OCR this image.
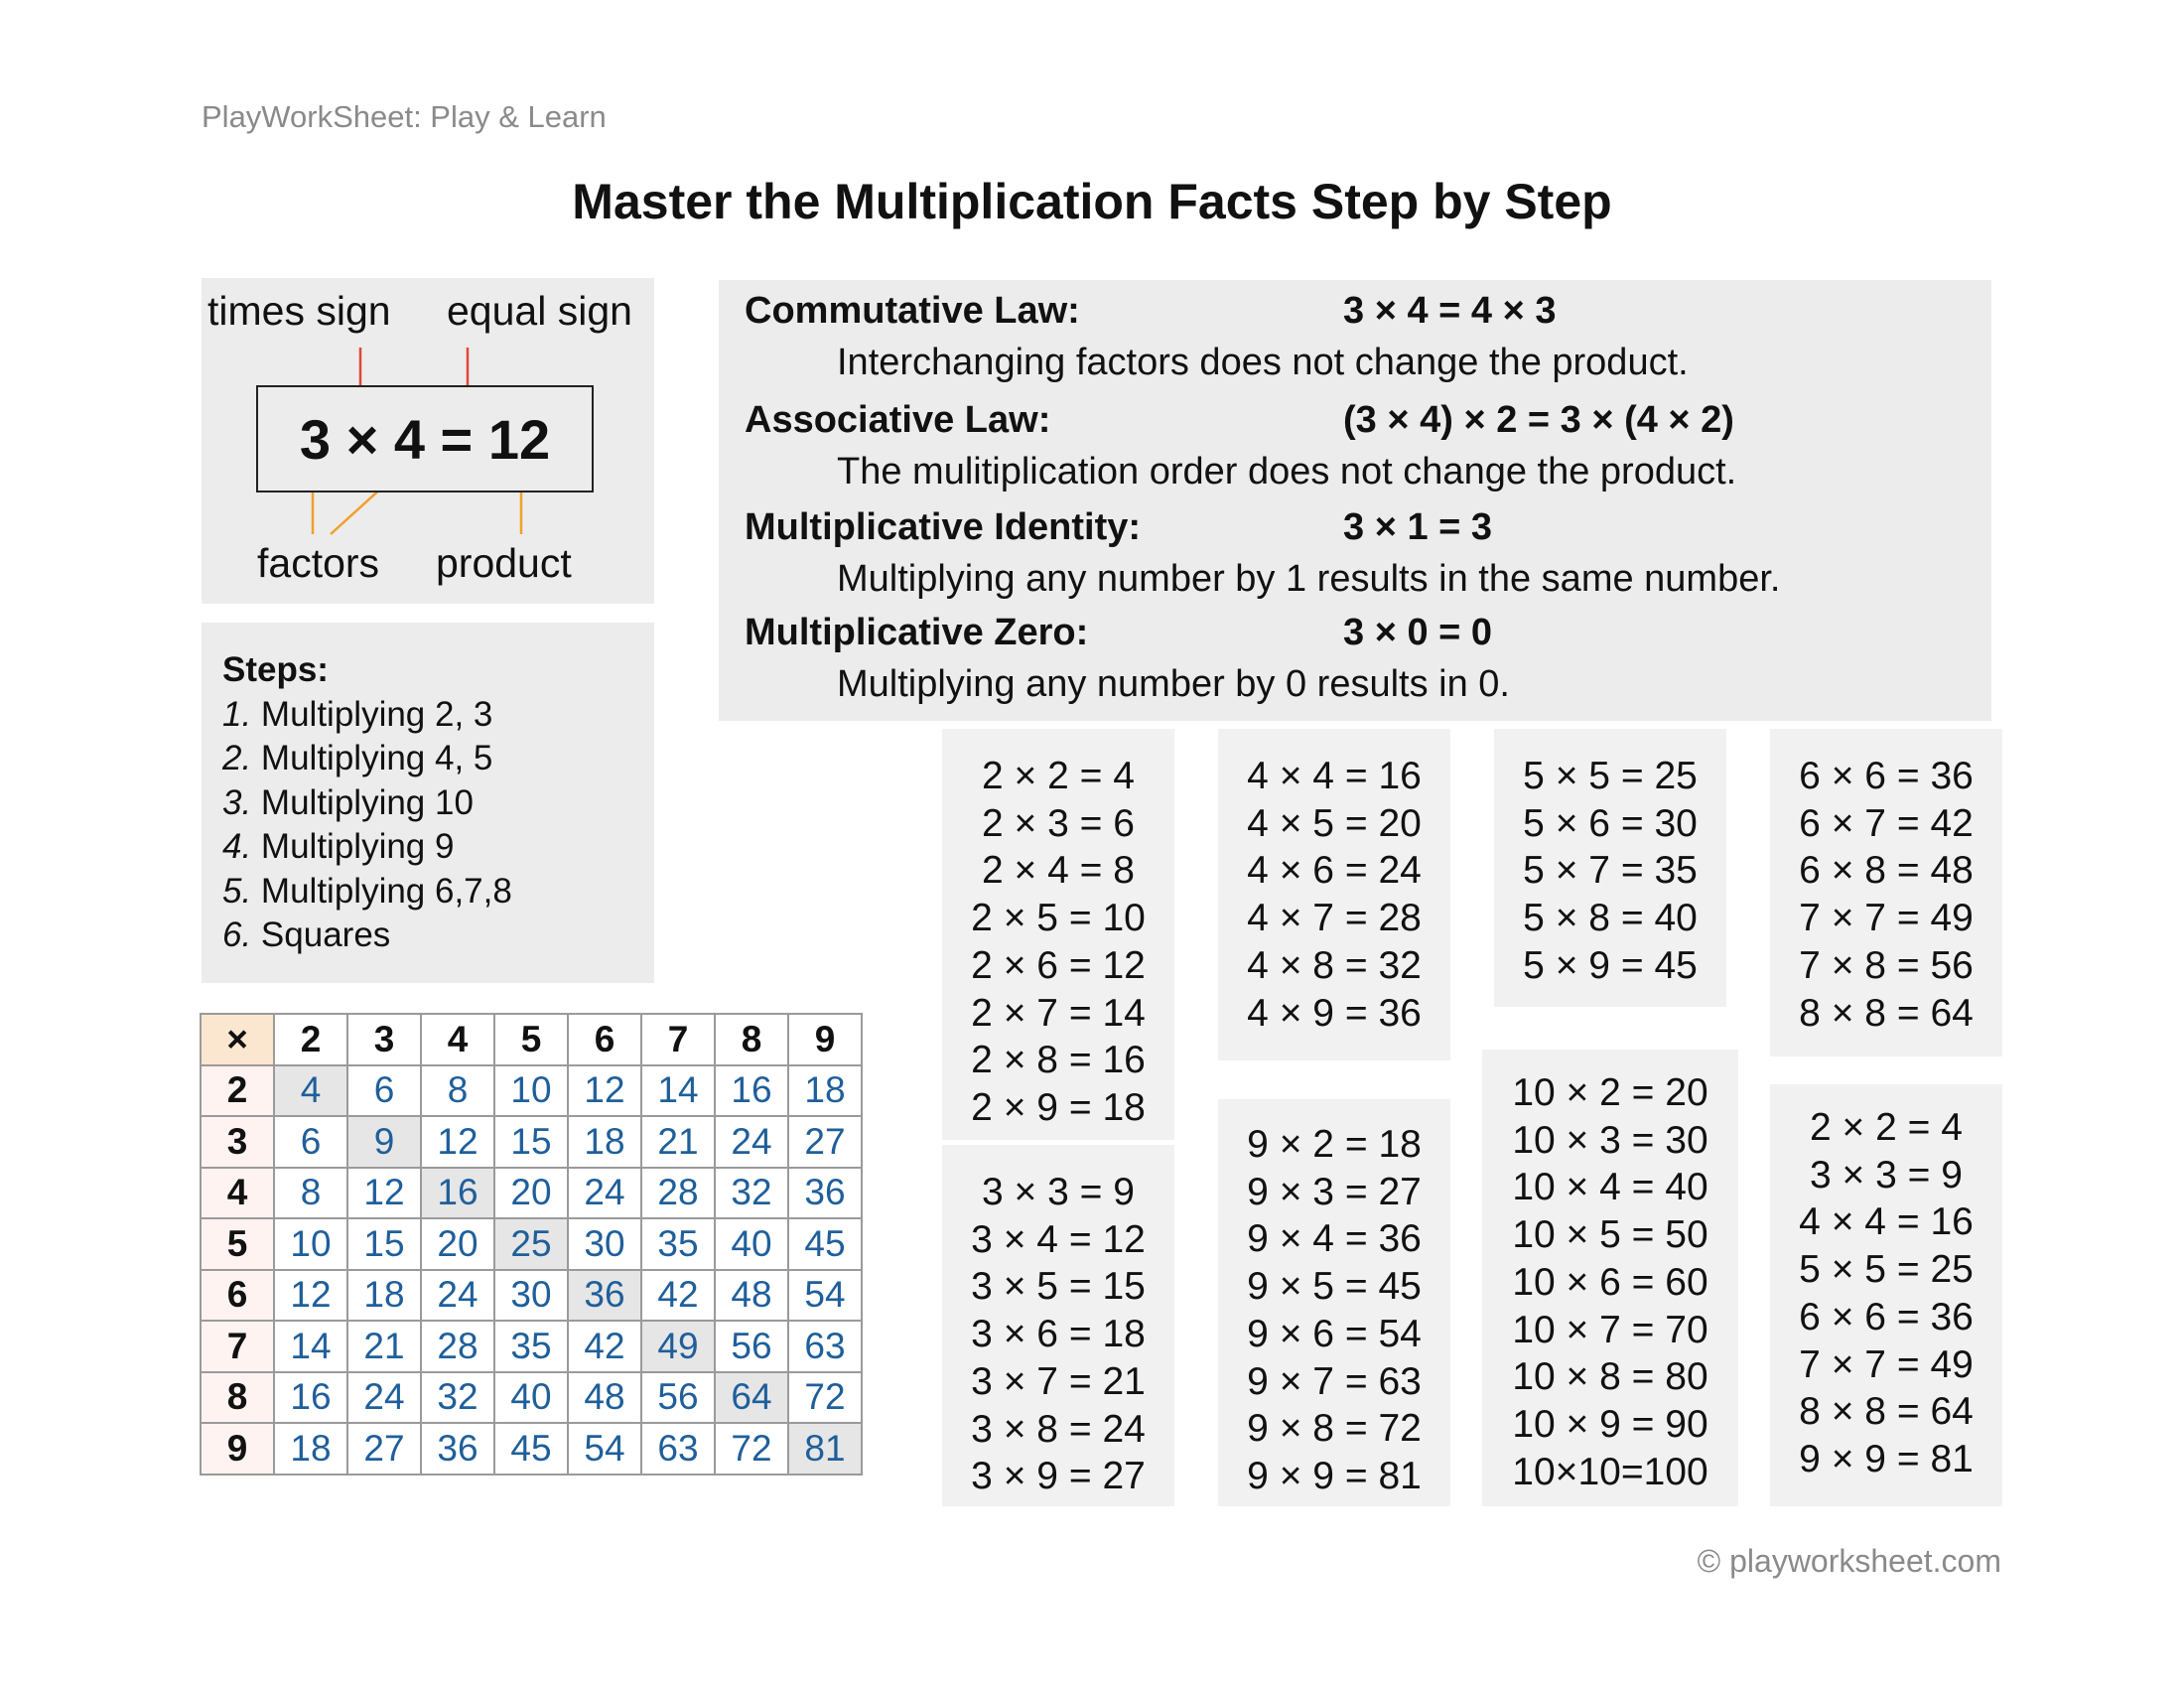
PlayWorkSheet: Play & Learn
Master the Multiplication Facts Step by Step
times sign equal sign
3 × 4 = 12
factors product
Steps:
1. Multiplying 2, 3
2. Multiplying 4, 5
3. Multiplying 10
4. Multiplying 9
5. Multiplying 6,7,8
6. Squares
Commutative Law:	3 × 4 = 4 × 3
Interchanging factors does not change the product.
Associative Law:	(3 × 4) × 2 = 3 × (4 × 2)
The mulitiplication order does not change the product.
Multiplicative Identity:	3 × 1 = 3
Multiplying any number by 1 results in the same number.
Multiplicative Zero:	3 × 0 = 0
Multiplying any number by 0 results in 0.
×	2	3	4	5	6	7	8	9
2	4	6	8	10	12	14	16	18
3	6	9	12	15	18	21	24	27
4	8	12	16	20	24	28	32	36
5	10	15	20	25	30	35	40	45
6	12	18	24	30	36	42	48	54
7	14	21	28	35	42	49	56	63
8	16	24	32	40	48	56	64	72
9	18	27	36	45	54	63	72	81
2 × 2 = 4
2 × 3 = 6
2 × 4 = 8
2 × 5 = 10
2 × 6 = 12
2 × 7 = 14
2 × 8 = 16
2 × 9 = 18
3 × 3 = 9
3 × 4 = 12
3 × 5 = 15
3 × 6 = 18
3 × 7 = 21
3 × 8 = 24
3 × 9 = 27
4 × 4 = 16
4 × 5 = 20
4 × 6 = 24
4 × 7 = 28
4 × 8 = 32
4 × 9 = 36
9 × 2 = 18
9 × 3 = 27
9 × 4 = 36
9 × 5 = 45
9 × 6 = 54
9 × 7 = 63
9 × 8 = 72
9 × 9 = 81
5 × 5 = 25
5 × 6 = 30
5 × 7 = 35
5 × 8 = 40
5 × 9 = 45
10 × 2 = 20
10 × 3 = 30
10 × 4 = 40
10 × 5 = 50
10 × 6 = 60
10 × 7 = 70
10 × 8 = 80
10 × 9 = 90
10×10=100
6 × 6 = 36
6 × 7 = 42
6 × 8 = 48
7 × 7 = 49
7 × 8 = 56
8 × 8 = 64
2 × 2 = 4
3 × 3 = 9
4 × 4 = 16
5 × 5 = 25
6 × 6 = 36
7 × 7 = 49
8 × 8 = 64
9 × 9 = 81
© playworksheet.com
